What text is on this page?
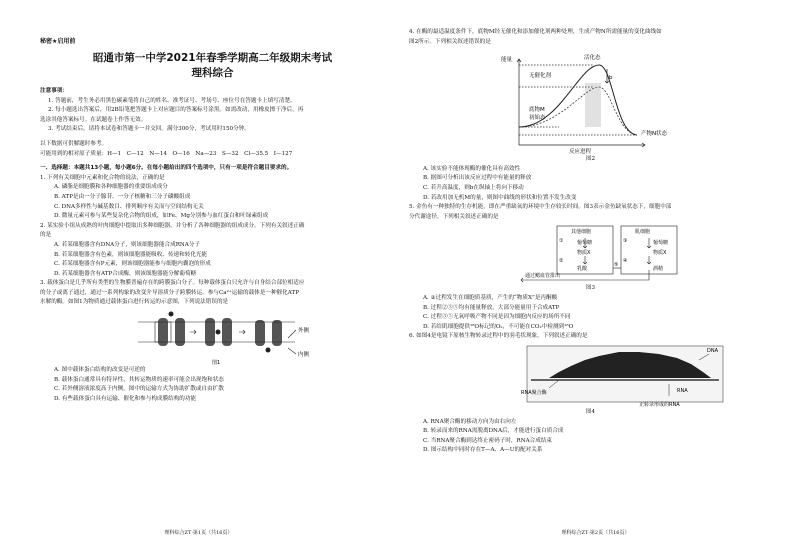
秘密★启用前

昭通市第一中学2021年春季学期高二年级期末考试

理科综合

注意事项：

1. 答题前，考生务必用黑色碳素笔将自己的姓名、准考证号、考场号、座位号在答题卡上填写清楚。

2. 每小题选出答案后，用2B铅笔把答题卡上对应题目的答案标号涂黑。如需改动，用橡皮擦干净后，再

选涂其他答案标号。在试题卷上作答无效。

3. 考试结束后，请将本试卷和答题卡一并交回。满分300分，考试用时150分钟。

以下数据可供解题时参考。

可能用到的相对原子质量：H—1　C—12　N—14　O—16　Na—23　S—32　Cl—35.5　I—127

一、选择题：本题共13小题，每小题6分。在每小题给出的四个选项中，只有一项是符合题目要求的。

1. 下列有关细胞中元素和化合物的说法，正确的是

A. 磷脂是细胞膜和各种细胞器的重要组成成分

B. ATP是由一分子腺苷、一分子核糖和三分子磷酸组成

C. DNA多样性与碱基数目、排列顺序有关而与空间结构无关

D. 微量元素可参与某些复杂化合物的组成，如Fe、Mg分别参与血红蛋白和叶绿素组成

2. 某实验小组从成熟的叶肉细胞中提取出多种细胞器，并分析了各种细胞器的组成成分。下列有关叙述正确

的是

A. 若某细胞器含有DNA分子，则该细胞器能合成RNA分子

B. 若某细胞器含有色素，则该细胞器能吸收、传递和转化光能

C. 若某细胞器含有P元素，则该细胞器能参与细胞内囊泡的形成

D. 若某细胞器含有ATP合成酶，则该细胞器能分解葡萄糖

3. 载体蛋白是几乎所有类型的生物膜普遍存在的跨膜蛋白分子。每种载体蛋白只允许与自身结合部位相适应

的分子或离子通过，通过一系列构象的改变介导溶质分子跨膜转运。参与Ca²⁺运输的载体是一种催化ATP

水解的酶。如图1为物质通过载体蛋白进行转运的示意图，下列说法错误的是

外侧
内侧
图1

A. 图中载体蛋白结构的改变是可逆的

B. 载体蛋白通常具有特异性，其转运物质的速率可能会出现饱和状态

C. 若外侧溶液浓度高于内侧，图中的运输方式为协助扩散或自由扩散

D. 有些载体蛋白具有运输、催化和参与构成膜结构的功能

理科综合ZT·第1页（共16页）

4. 在酶的最适温度条件下，底物M经无催化和添加催化剂两种处理，生成产物N所需能量的变化曲线如

图2所示。下列相关叙述错误的是

能量	活化态
无催化剂	b
底物M
初始态
产物N状态
反应进程

图2

A. 该实验不能体现酶的催化具有高效性

B. 据图可分析出该反应过程中有能量的释放

C. 若升高温度，则b在纵轴上将向下移动

D. 若改用加无机M的量，则图中曲线的形状和位置不发生改变

5. 金鱼有一种独特的生存机能，即在严重缺氧的环境中生存较长时间。图3表示金鱼缺氧状态下，细胞中部

分代谢途径，下列相关叙述正确的是

其他细胞	肌细胞
葡萄糖	葡萄糖
物质X	物质X
乳酸	酒精
①
②
③
④
⑤
通过鳃血管排出

图3

A. ②过程发生在细胞质基质，产生的“物质X”是丙酮酸

B. 过程②③⑤均有能量释放，大部分能量用于合成ATP

C. 过程③⑤无氧呼吸产物不同是因为细胞内反应的场所不同

D. 若给肌细胞提供¹⁸O标记的O₂，不可能在CO₂中检测到¹⁸O

6. 如图4是电镜下原核生物转录过程中的羽毛状现象，下列叙述正确的是

DNA
RNA聚合酶	RNA
正转录形成的RNA

图4

A. RNA聚合酶的移动方向为由右向左

B. 转录而来的RNA需脱离DNA后，才能进行蛋白质合成

C. 当RNA聚合酶到达终止密码子时，RNA合成结束

D. 图示结构中同时存在T—A、A—U的配对关系

理科综合ZT·第2页（共16页）
